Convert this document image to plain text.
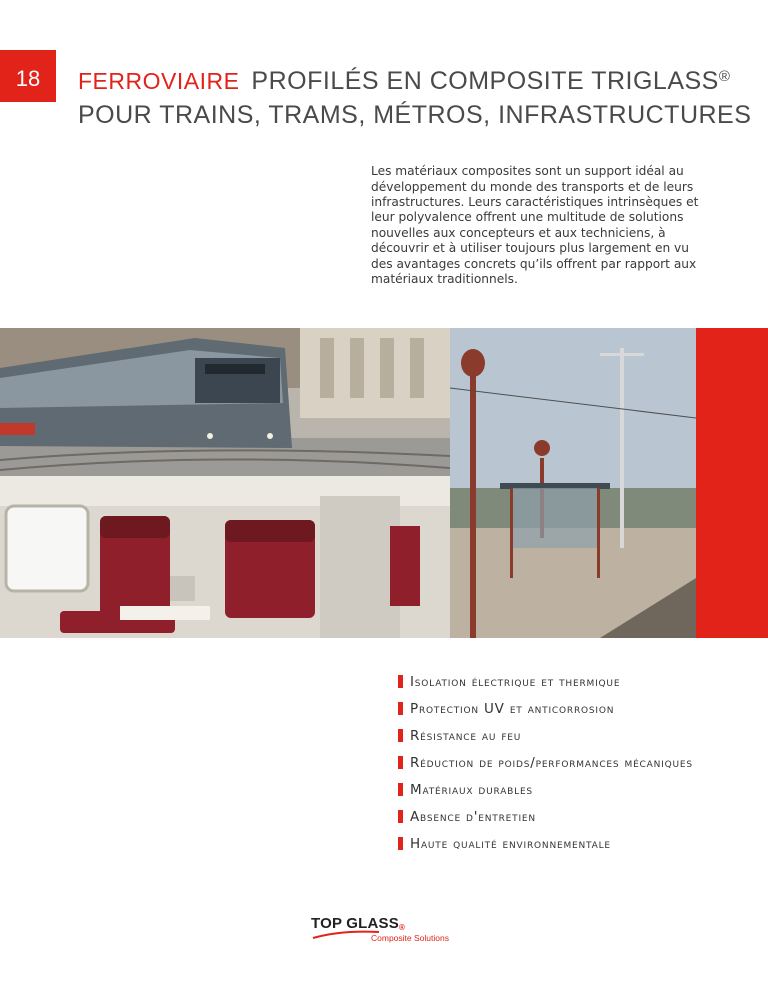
18	FERROVIAIRE PROFILÉS EN COMPOSITE TRIGLASS®
POUR TRAINS, TRAMS, MÉTROS, INFRASTRUCTURES

Les matériaux composites sont un support idéal au développement du monde des transports et de leurs infrastructures. Leurs caractéristiques intrinsèques et leur polyvalence offrent une multitude de solutions nouvelles aux concepteurs et aux techniciens, à découvrir et à utiliser toujours plus largement en vu des avantages concrets qu’ils offrent par rapport aux matériaux traditionnels.

Isolation électrique et thermique
Protection UV et anticorrosion
Résistance au feu
Réduction de poids/performances mécaniques
Matériaux durables
Absence d'entretien
Haute qualité environnementale
TOP GLASS®
Composite Solutions
